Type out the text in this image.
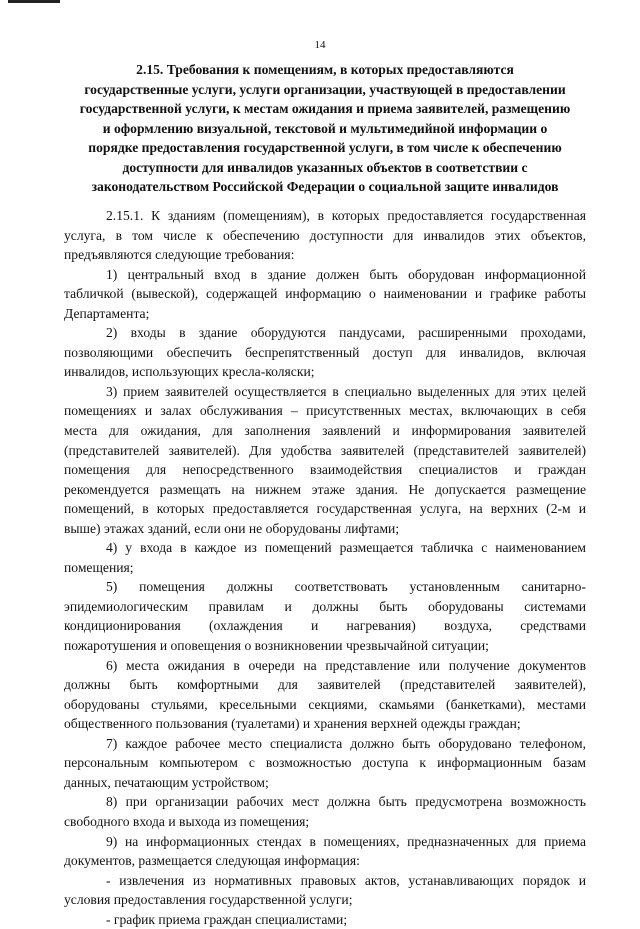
14
2.15. Требования к помещениям, в которых предоставляются
государственные услуги, услуги организации, участвующей в предоставлении
государственной услуги, к местам ожидания и приема заявителей, размещению
и оформлению визуальной, текстовой и мультимедийной информации о
порядке предоставления государственной услуги, в том числе к обеспечению
доступности для инвалидов указанных объектов в соответствии с
законодательством Российской Федерации о социальной защите инвалидов

2.15.1. К зданиям (помещениям), в которых предоставляется государственная
услуга, в том числе к обеспечению доступности для инвалидов этих объектов,
предъявляются следующие требования:

1) центральный вход в здание должен быть оборудован информационной
табличкой (вывеской), содержащей информацию о наименовании и графике работы
Департамента;

2) входы в здание оборудуются пандусами, расширенными проходами,
позволяющими обеспечить беспрепятственный доступ для инвалидов, включая
инвалидов, использующих кресла-коляски;

3) прием заявителей осуществляется в специально выделенных для этих целей
помещениях и залах обслуживания – присутственных местах, включающих в себя
места для ожидания, для заполнения заявлений и информирования заявителей
(представителей заявителей). Для удобства заявителей (представителей заявителей)
помещения для непосредственного взаимодействия специалистов и граждан
рекомендуется размещать на нижнем этаже здания. Не допускается размещение
помещений, в которых предоставляется государственная услуга, на верхних (2-м и
выше) этажах зданий, если они не оборудованы лифтами;

4) у входа в каждое из помещений размещается табличка с наименованием
помещения;

5) помещения должны соответствовать установленным санитарно-
эпидемиологическим правилам и должны быть оборудованы системами
кондиционирования (охлаждения и нагревания) воздуха, средствами
пожаротушения и оповещения о возникновении чрезвычайной ситуации;

6) места ожидания в очереди на представление или получение документов
должны быть комфортными для заявителей (представителей заявителей),
оборудованы стульями, кресельными секциями, скамьями (банкетками), местами
общественного пользования (туалетами) и хранения верхней одежды граждан;

7) каждое рабочее место специалиста должно быть оборудовано телефоном,
персональным компьютером с возможностью доступа к информационным базам
данных, печатающим устройством;

8) при организации рабочих мест должна быть предусмотрена возможность
свободного входа и выхода из помещения;

9) на информационных стендах в помещениях, предназначенных для приема
документов, размещается следующая информация:

- извлечения из нормативных правовых актов, устанавливающих порядок и
условия предоставления государственной услуги;

- график приема граждан специалистами;
